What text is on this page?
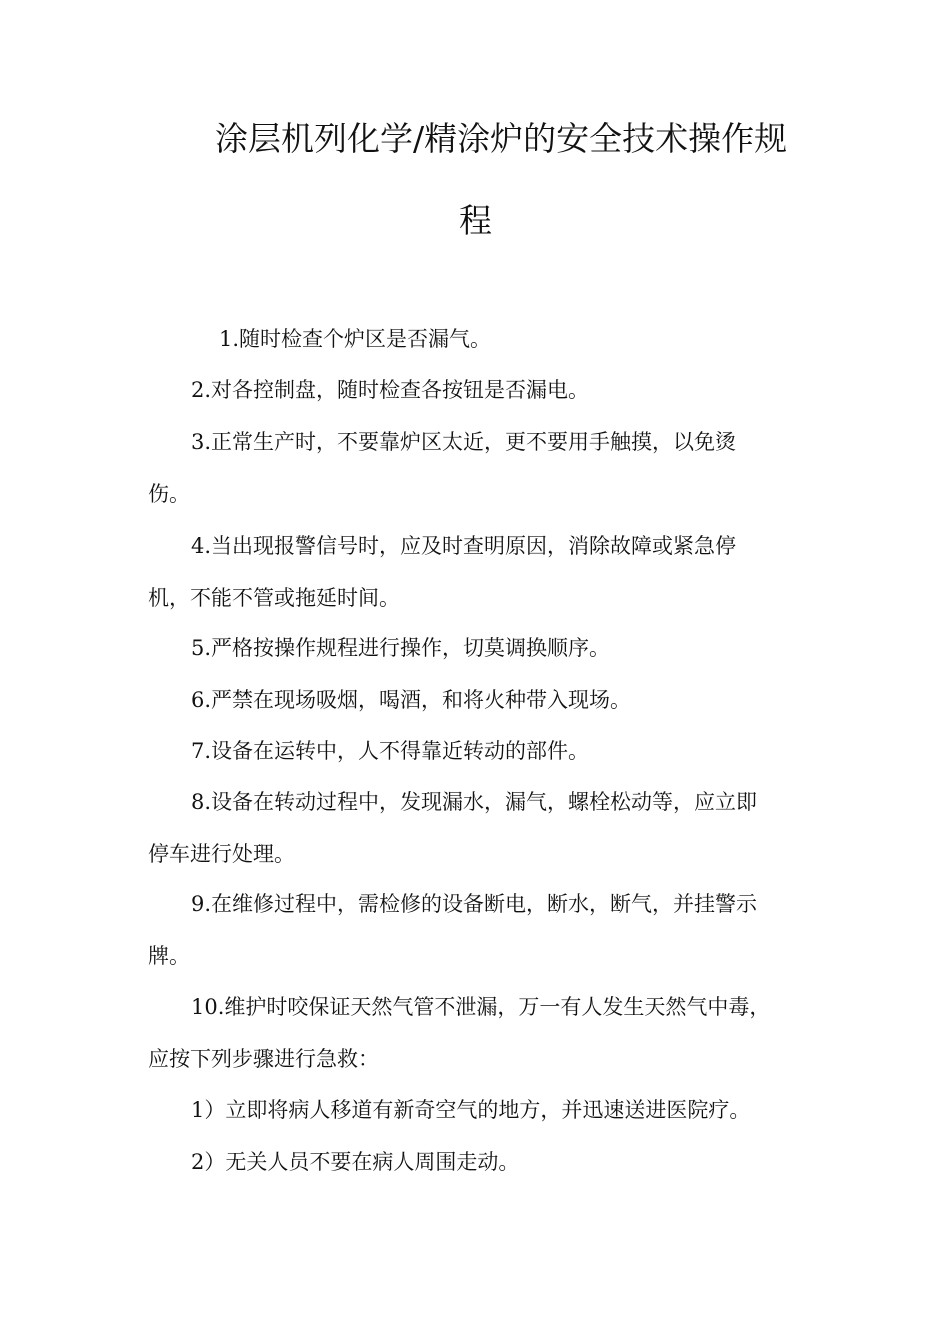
涂层机列化学/精涂炉的安全技术操作规
程
1.随时检查个炉区是否漏气。
2.对各控制盘，随时检查各按钮是否漏电。
3.正常生产时，不要靠炉区太近，更不要用手触摸，以免烫
伤。
4.当出现报警信号时，应及时查明原因，消除故障或紧急停
机，不能不管或拖延时间。
5.严格按操作规程进行操作，切莫调换顺序。
6.严禁在现场吸烟，喝酒，和将火种带入现场。
7.设备在运转中，人不得靠近转动的部件。
8.设备在转动过程中，发现漏水，漏气，螺栓松动等，应立即
停车进行处理。
9.在维修过程中，需检修的设备断电，断水，断气，并挂警示
牌。
10.维护时咬保证天然气管不泄漏，万一有人发生天然气中毒，
应按下列步骤进行急救：
1）立即将病人移道有新奇空气的地方，并迅速送进医院疗。
2）无关人员不要在病人周围走动。
